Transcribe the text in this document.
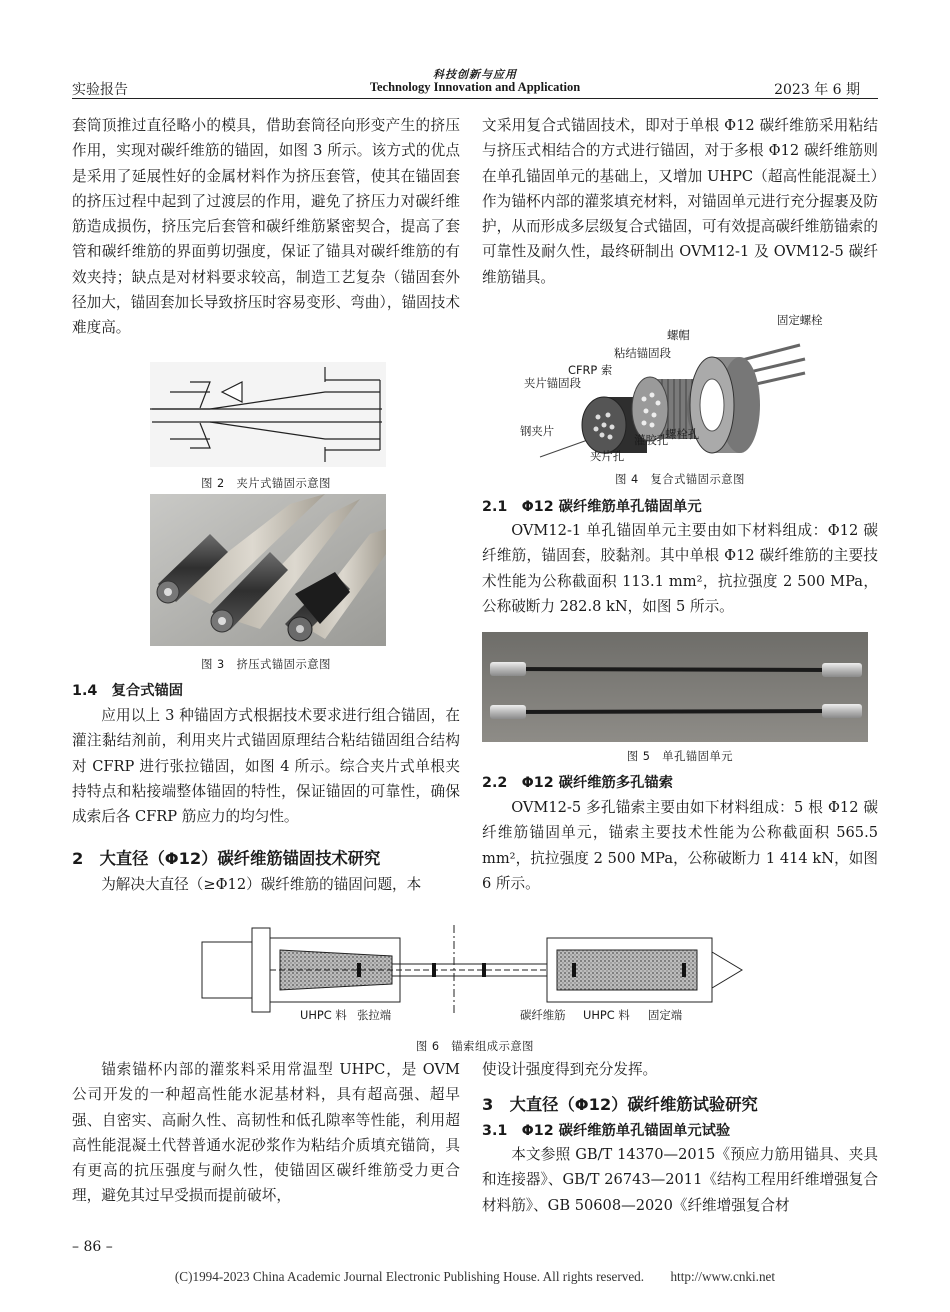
科技创新与应用
Technology Innovation and Application
实验报告	2023 年 6 期

套筒顶推过直径略小的模具，借助套筒径向形变产生的挤压作用，实现对碳纤维筋的锚固，如图 3 所示。该方式的优点是采用了延展性好的金属材料作为挤压套管，使其在锚固套的挤压过程中起到了过渡层的作用，避免了挤压力对碳纤维筋造成损伤，挤压完后套管和碳纤维筋紧密契合，提高了套管和碳纤维筋的界面剪切强度，保证了锚具对碳纤维筋的有效夹持；缺点是对材料要求较高，制造工艺复杂（锚固套外径加大，锚固套加长导致挤压时容易变形、弯曲），锚固技术难度高。

图 2　夹片式锚固示意图
图 3　挤压式锚固示意图
1.4　复合式锚固

应用以上 3 种锚固方式根据技术要求进行组合锚固，在灌注黏结剂前，利用夹片式锚固原理结合粘结锚固组合结构对 CFRP 进行张拉锚固，如图 4 所示。综合夹片式单根夹持特点和粘接端整体锚固的特性，保证锚固的可靠性，确保成索后各 CFRP 筋应力的均匀性。

2　大直径（Φ12）碳纤维筋锚固技术研究

为解决大直径（≥Φ12）碳纤维筋的锚固问题，本

文采用复合式锚固技术，即对于单根 Φ12 碳纤维筋采用粘结与挤压式相结合的方式进行锚固，对于多根 Φ12 碳纤维筋则在单孔锚固单元的基础上，又增加 UHPC（超高性能混凝土）作为锚杯内部的灌浆填充材料，对锚固单元进行充分握裹及防护，从而形成多层级复合式锚固，可有效提高碳纤维筋锚索的可靠性及耐久性，最终研制出 OVM12-1 及 OVM12-5 碳纤维筋锚具。

固定螺栓
螺帽
粘结锚固段
CFRP 索
夹片锚固段
钢夹片	螺栓孔
灌胶孔
夹片孔
图 4　复合式锚固示意图
2.1　Φ12 碳纤维筋单孔锚固单元

OVM12-1 单孔锚固单元主要由如下材料组成：Φ12 碳纤维筋，锚固套，胶黏剂。其中单根 Φ12 碳纤维筋的主要技术性能为公称截面积 113.1 mm²，抗拉强度 2 500 MPa，公称破断力 282.8 kN，如图 5 所示。

图 5　单孔锚固单元
2.2　Φ12 碳纤维筋多孔锚索

OVM12-5 多孔锚索主要由如下材料组成：5 根 Φ12 碳纤维筋锚固单元，锚索主要技术性能为公称截面积 565.5 mm²，抗拉强度 2 500 MPa，公称破断力 1 414 kN，如图 6 所示。

UHPC 料 张拉端	碳纤维筋 UHPC 料 固定端
图 6　锚索组成示意图

锚索锚杯内部的灌浆料采用常温型 UHPC，是 OVM 公司开发的一种超高性能水泥基材料，具有超高强、超早强、自密实、高耐久性、高韧性和低孔隙率等性能，利用超高性能混凝土代替普通水泥砂浆作为粘结介质填充锚筒，具有更高的抗压强度与耐久性，使锚固区碳纤维筋受力更合理，避免其过早受损而提前破坏，

使设计强度得到充分发挥。

3　大直径（Φ12）碳纤维筋试验研究
3.1　Φ12 碳纤维筋单孔锚固单元试验

本文参照 GB/T 14370—2015《预应力筋用锚具、夹具和连接器》、GB/T 26743—2011《结构工程用纤维增强复合材料筋》、GB 50608—2020《纤维增强复合材

– 86 –
(C)1994-2023 China Academic Journal Electronic Publishing House. All rights reserved.　　http://www.cnki.net
